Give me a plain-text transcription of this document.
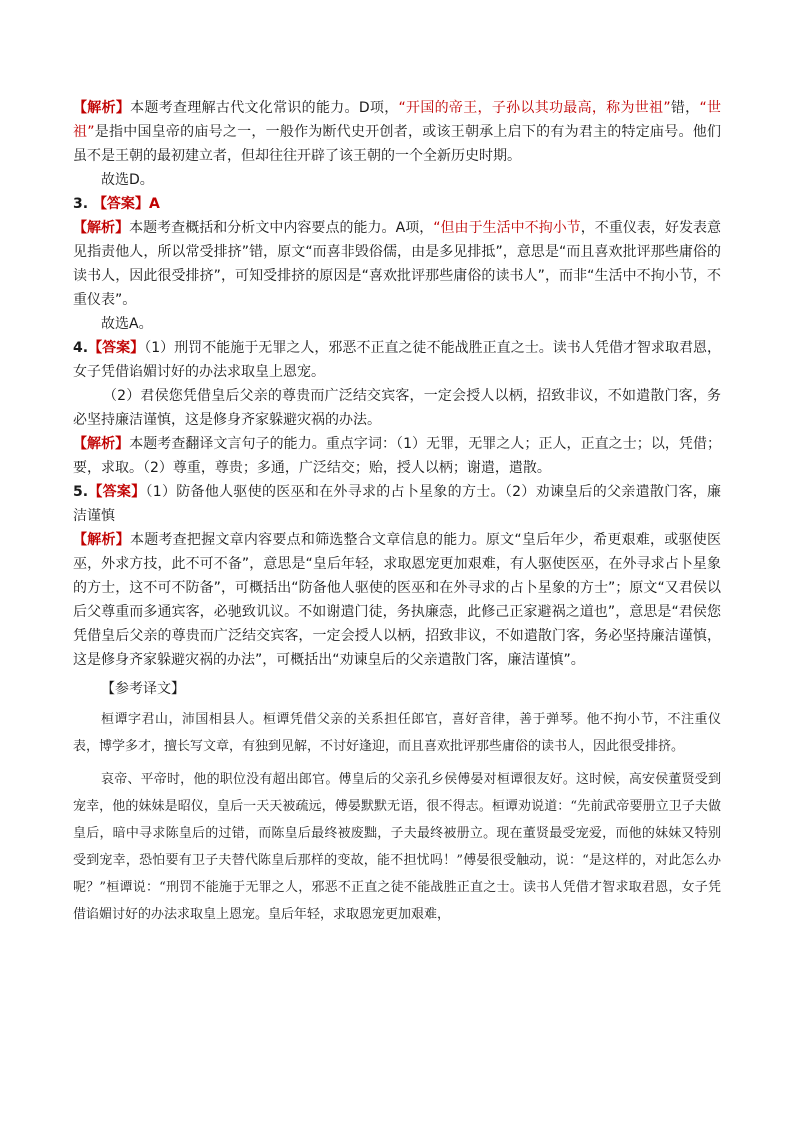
【解析】本题考查理解古代文化常识的能力。D项，“开国的帝王，子孙以其功最高，称为世祖”错，“世祖”是指中国皇帝的庙号之一，一般作为断代史开创者，或该王朝承上启下的有为君主的特定庙号。他们虽不是王朝的最初建立者，但却往往开辟了该王朝的一个全新历史时期。

故选D。

3. 【答案】A

【解析】本题考查概括和分析文中内容要点的能力。A项，“但由于生活中不拘小节，不重仪表，好发表意见指责他人，所以常受排挤”错，原文“而喜非毁俗儒，由是多见排抵”，意思是“而且喜欢批评那些庸俗的读书人，因此很受排挤”，可知受排挤的原因是“喜欢批评那些庸俗的读书人”，而非“生活中不拘小节，不重仪表”。

故选A。

4.【答案】（1）刑罚不能施于无罪之人，邪恶不正直之徒不能战胜正直之士。读书人凭借才智求取君恩，女子凭借谄媚讨好的办法求取皇上恩宠。

（2）君侯您凭借皇后父亲的尊贵而广泛结交宾客，一定会授人以柄，招致非议，不如遣散门客，务必坚持廉洁谨慎，这是修身齐家躲避灾祸的办法。

【解析】本题考查翻译文言句子的能力。重点字词：（1）无罪，无罪之人；正人，正直之士；以，凭借；要，求取。（2）尊重，尊贵；多通，广泛结交；贻，授人以柄；谢遣，遣散。

5.【答案】（1）防备他人驱使的医巫和在外寻求的占卜星象的方士。（2）劝谏皇后的父亲遣散门客，廉洁谨慎

【解析】本题考查把握文章内容要点和筛选整合文章信息的能力。原文“皇后年少，希更艰难，或驱使医巫，外求方技，此不可不备”，意思是“皇后年轻，求取恩宠更加艰难，有人驱使医巫，在外寻求占卜星象的方士，这不可不防备”，可概括出“防备他人驱使的医巫和在外寻求的占卜星象的方士”；原文“又君侯以后父尊重而多通宾客，必驰致讥议。不如谢遣门徒，务执廉悫，此修己正家避祸之道也”，意思是“君侯您凭借皇后父亲的尊贵而广泛结交宾客，一定会授人以柄，招致非议，不如遣散门客，务必坚持廉洁谨慎，这是修身齐家躲避灾祸的办法”，可概括出“劝谏皇后的父亲遣散门客，廉洁谨慎”。

【参考译文】

桓谭字君山，沛国相县人。桓谭凭借父亲的关系担任郎官，喜好音律，善于弹琴。他不拘小节，不注重仪表，博学多才，擅长写文章，有独到见解，不讨好逢迎，而且喜欢批评那些庸俗的读书人，因此很受排挤。

哀帝、平帝时，他的职位没有超出郎官。傅皇后的父亲孔乡侯傅晏对桓谭很友好。这时候，高安侯董贤受到宠幸，他的妹妹是昭仪，皇后一天天被疏远，傅晏默默无语，很不得志。桓谭劝说道：“先前武帝要册立卫子夫做皇后，暗中寻求陈皇后的过错，而陈皇后最终被废黜，子夫最终被册立。现在董贤最受宠爱，而他的妹妹又特别受到宠幸，恐怕要有卫子夫替代陈皇后那样的变故，能不担忧吗！”傅晏很受触动，说：“是这样的，对此怎么办呢？”桓谭说：“刑罚不能施于无罪之人，邪恶不正直之徒不能战胜正直之士。读书人凭借才智求取君恩，女子凭借谄媚讨好的办法求取皇上恩宠。皇后年轻，求取恩宠更加艰难，
